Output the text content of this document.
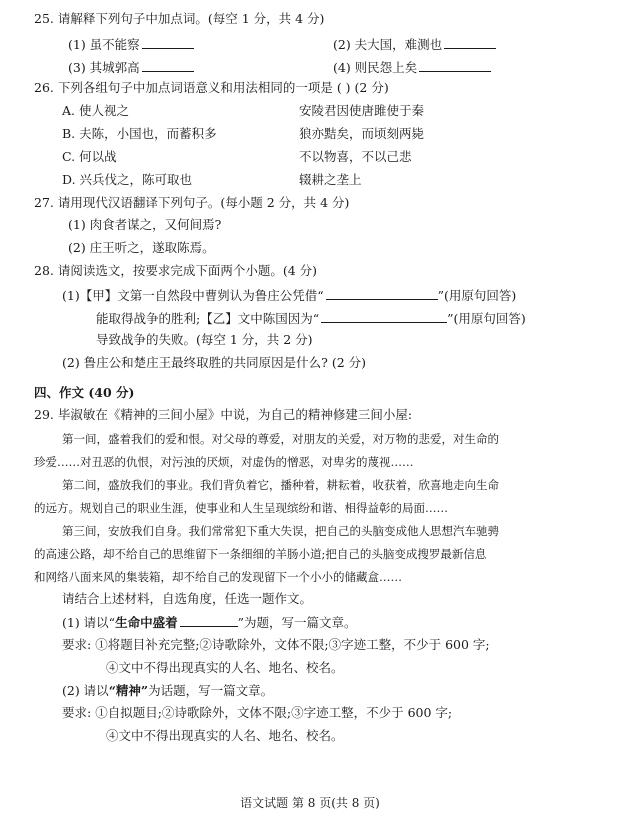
25. 请解释下列句子中加点词。(每空 1 分，共 4 分)
(1) 虽不能察	(2) 夫大国，难测也
(3) 其城郭高	(4) 则民怨上矣
26. 下列各组句子中加点词语意义和用法相同的一项是 ( ) (2 分)
A. 使人视之	安陵君因使唐雎使于秦
B. 夫陈，小国也，而蓄积多	狼亦黠矣，而顷刻两毙
C. 何以战	不以物喜，不以己悲
D. 兴兵伐之，陈可取也	辍耕之垄上
27. 请用现代汉语翻译下列句子。(每小题 2 分，共 4 分)
(1) 肉食者谋之，又何间焉?
(2) 庄王听之，遂取陈焉。
28. 请阅读选文，按要求完成下面两个小题。(4 分)
(1)【甲】文第一自然段中曹刿认为鲁庄公凭借“	”(用原句回答)
能取得战争的胜利;【乙】文中陈国因为“	”(用原句回答)
导致战争的失败。(每空 1 分，共 2 分)
(2) 鲁庄公和楚庄王最终取胜的共同原因是什么? (2 分)
四、作文 (40 分)
29. 毕淑敏在《精神的三间小屋》中说，为自己的精神修建三间小屋:
第一间，盛着我们的爱和恨。对父母的尊爱，对朋友的关爱，对万物的悲爱，对生命的
珍爱……对丑恶的仇恨，对污浊的厌烦，对虚伪的憎恶，对卑劣的蔑视……
第二间，盛放我们的事业。我们背负着它，播种着，耕耘着，收获着，欣喜地走向生命
的远方。规划自己的职业生涯，使事业和人生呈现缤纷和谐、相得益彰的局面……
第三间，安放我们自身。我们常常犯下重大失误，把自己的头脑变成他人思想汽车驰骋
的高速公路，却不给自己的思维留下一条细细的羊肠小道;把自己的头脑变成搜罗最新信息
和网络八面来风的集装箱，却不给自己的发现留下一个小小的储藏盒……
请结合上述材料，自选角度，任选一题作文。
(1) 请以“生命中盛着	”为题，写一篇文章。
要求: ①将题目补充完整;②诗歌除外，文体不限;③字迹工整，不少于 600 字;
④文中不得出现真实的人名、地名、校名。
(2) 请以“精神”为话题，写一篇文章。
要求: ①自拟题目;②诗歌除外，文体不限;③字迹工整，不少于 600 字;
④文中不得出现真实的人名、地名、校名。
语文试题 第 8 页(共 8 页)
